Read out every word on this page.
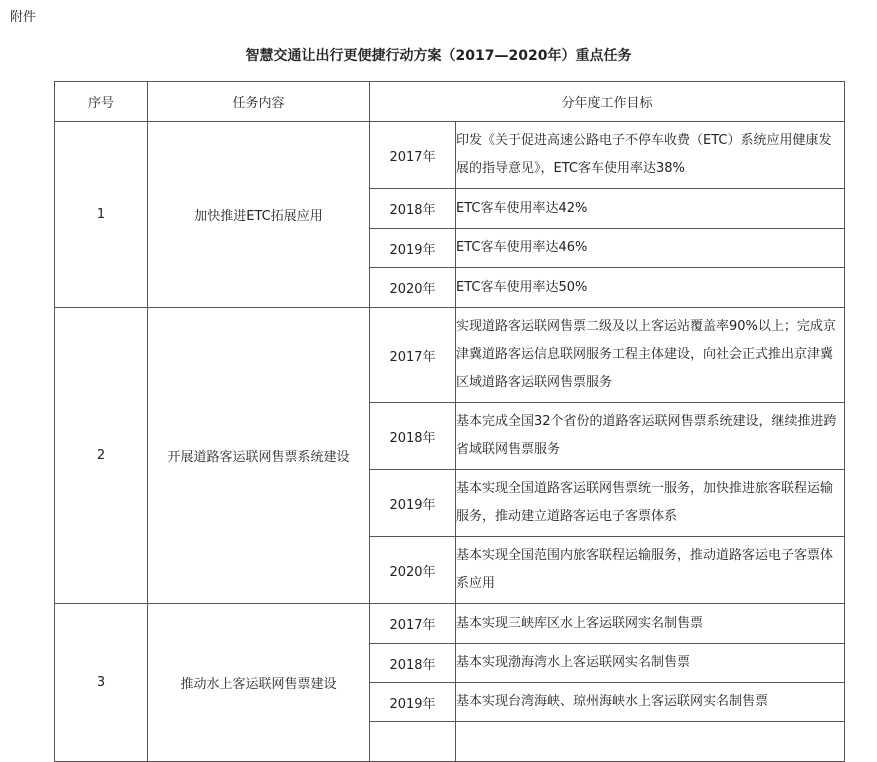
附件
智慧交通让出行更便捷行动方案（2017—2020年）重点任务
序号	任务内容	分年度工作目标	
1	加快推进ETC拓展应用	2017年	印发《关于促进高速公路电子不停车收费（ETC）系统应用健康发展的指导意见》，ETC客车使用率达38%
		2018年	ETC客车使用率达42%
		2019年	ETC客车使用率达46%
		2020年	ETC客车使用率达50%
2	开展道路客运联网售票系统建设	2017年	实现道路客运联网售票二级及以上客运站覆盖率90%以上；完成京津冀道路客运信息联网服务工程主体建设，向社会正式推出京津冀区域道路客运联网售票服务
		2018年	基本完成全国32个省份的道路客运联网售票系统建设，继续推进跨省域联网售票服务
		2019年	基本实现全国道路客运联网售票统一服务，加快推进旅客联程运输服务，推动建立道路客运电子客票体系
		2020年	基本实现全国范围内旅客联程运输服务，推动道路客运电子客票体系应用
3	推动水上客运联网售票建设	2017年	基本实现三峡库区水上客运联网实名制售票
		2018年	基本实现渤海湾水上客运联网实名制售票
		2019年	基本实现台湾海峡、琼州海峡水上客运联网实名制售票
